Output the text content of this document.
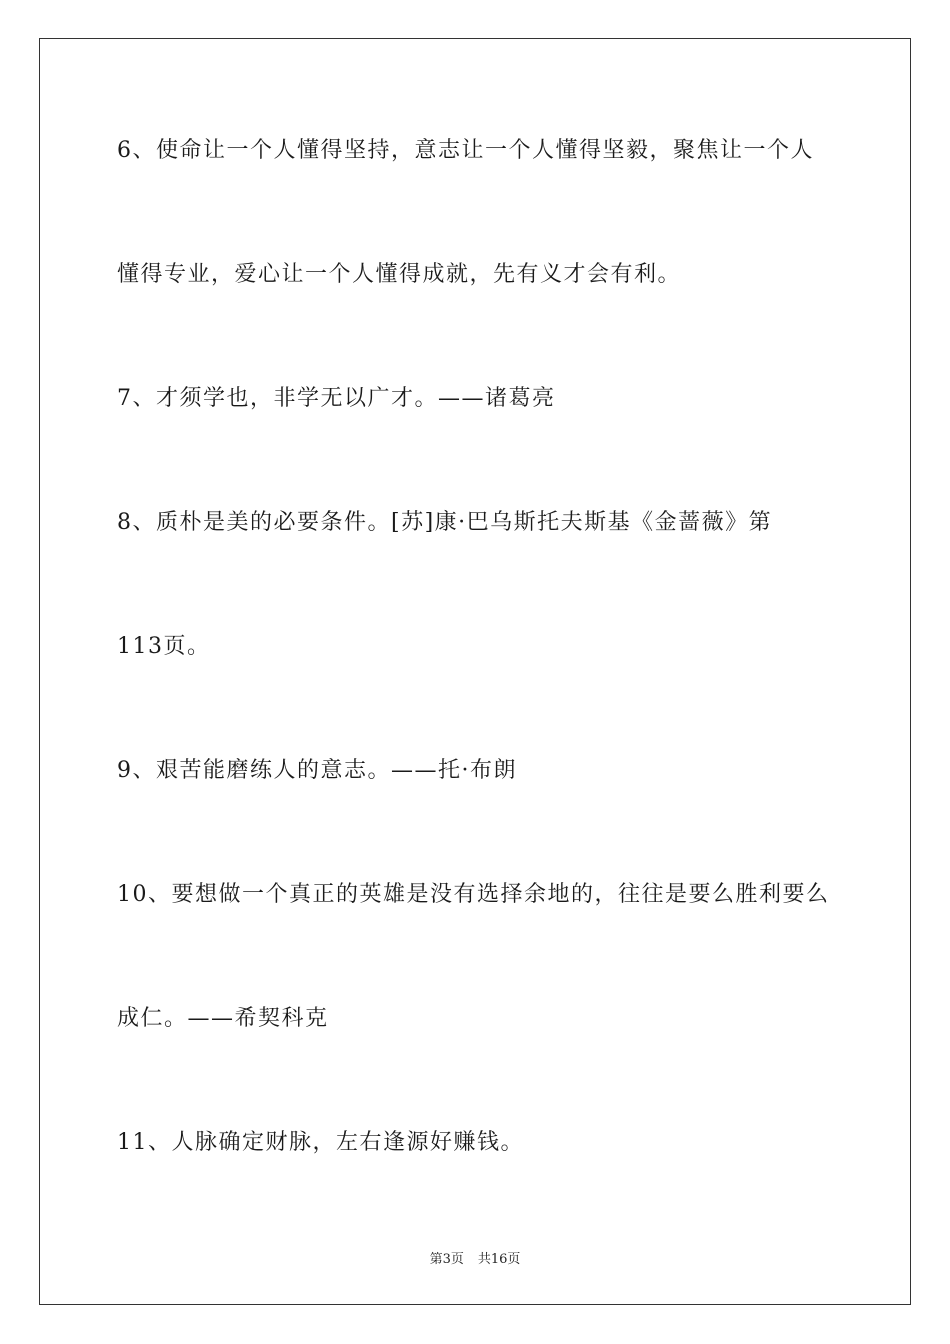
6、使命让一个人懂得坚持，意志让一个人懂得坚毅，聚焦让一个人
懂得专业，爱心让一个人懂得成就，先有义才会有利。
7、才须学也，非学无以广才。——诸葛亮
8、质朴是美的必要条件。[苏]康·巴乌斯托夫斯基《金蔷薇》第
113页。
9、艰苦能磨练人的意志。——托·布朗
10、要想做一个真正的英雄是没有选择余地的，往往是要么胜利要么
成仁。——希契科克
11、人脉确定财脉，左右逢源好赚钱。
第3页 共16页
